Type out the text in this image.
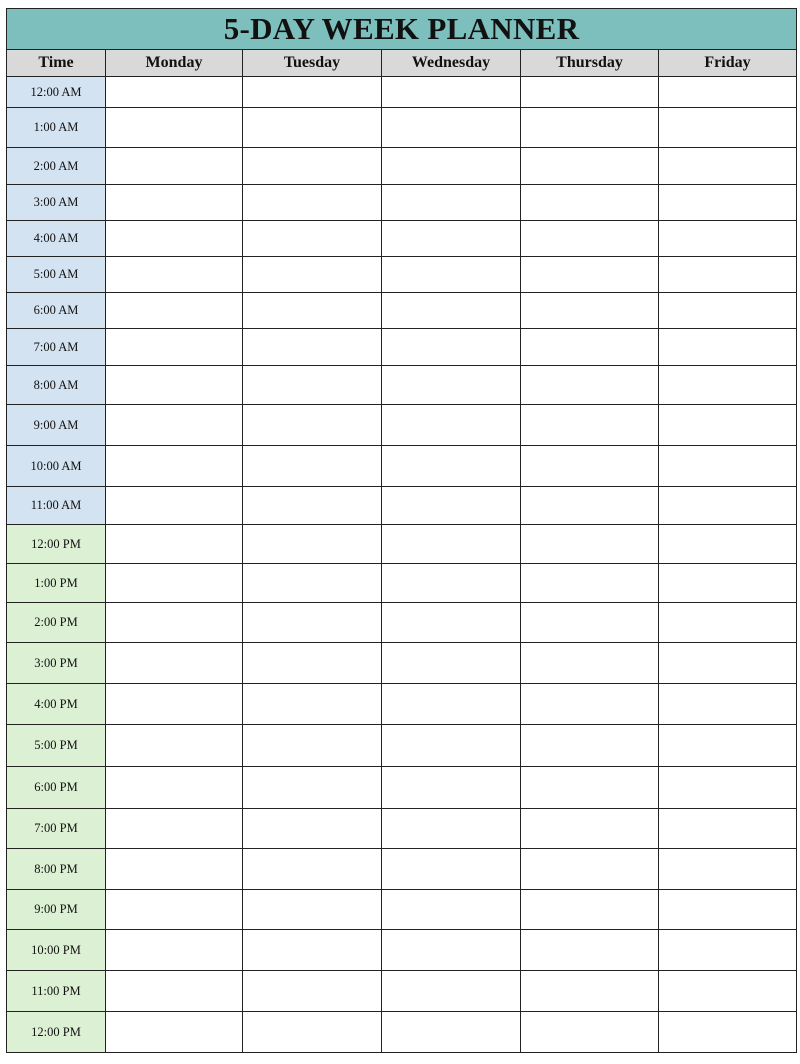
5-DAY WEEK PLANNER					
Time	Monday	Tuesday	Wednesday	Thursday	Friday
12:00 AM					
1:00 AM					
2:00 AM					
3:00 AM					
4:00 AM					
5:00 AM					
6:00 AM					
7:00 AM					
8:00 AM					
9:00 AM					
10:00 AM					
11:00 AM					
12:00 PM					
1:00 PM					
2:00 PM					
3:00 PM					
4:00 PM					
5:00 PM					
6:00 PM					
7:00 PM					
8:00 PM					
9:00 PM					
10:00 PM					
11:00 PM					
12:00 PM					
